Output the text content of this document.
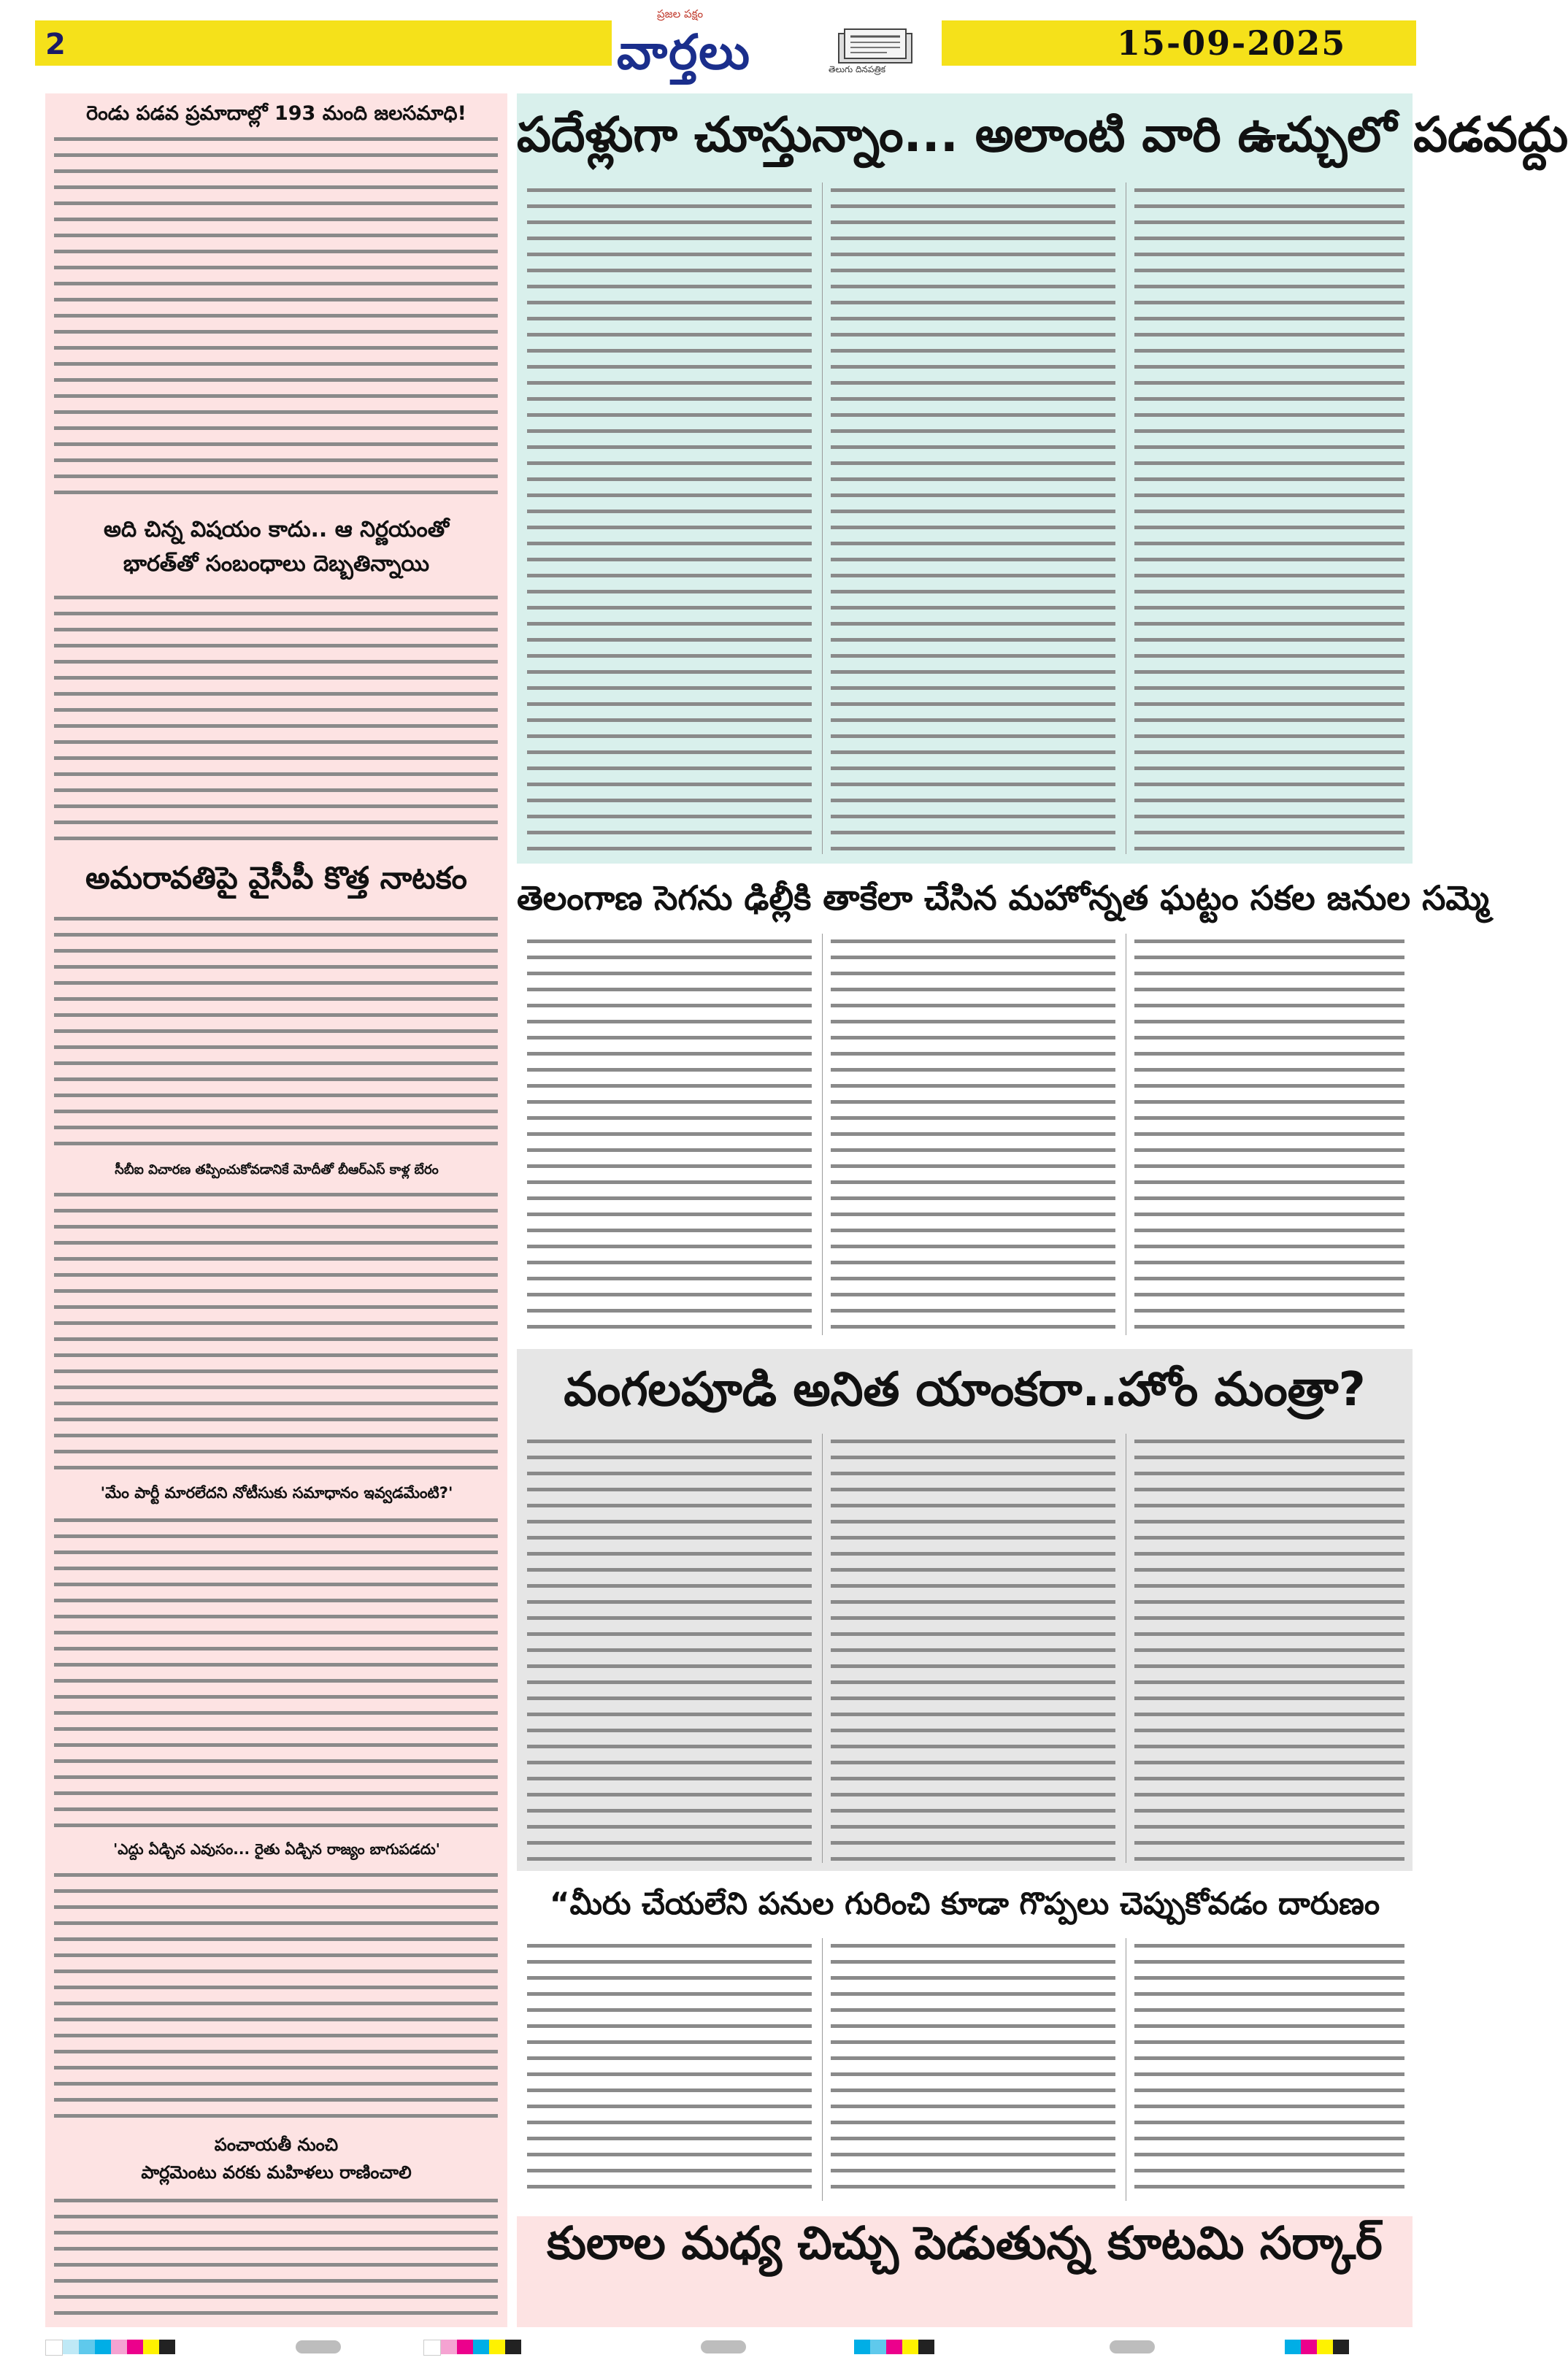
2
ప్రజల పక్షం
వార్తలు	తెలుగు దినపత్రిక
15-09-2025
రెండు పడవ ప్రమాదాల్లో 193 మంది జలసమాధి!
అది చిన్న విషయం కాదు.. ఆ నిర్ణయంతో
భారత్‌తో సంబంధాలు దెబ్బతిన్నాయి
అమరావతిపై వైసీపీ కొత్త నాటకం
సీబీఐ విచారణ తప్పించుకోవడానికే మోదీతో బీఆర్ఎస్ కాళ్ల బేరం
'మేం పార్టీ మారలేదని నోటీసుకు సమాధానం ఇవ్వడమేంటి?'
'ఎద్దు ఏడ్చిన ఎవుసం... రైతు ఏడ్చిన రాజ్యం బాగుపడదు'
పంచాయతీ నుంచి
పార్లమెంటు వరకు మహిళలు రాణించాలి
పదేళ్లుగా చూస్తున్నాం... అలాంటి వారి ఉచ్చులో పడవద్దు
తెలంగాణ సెగను ఢిల్లీకి తాకేలా చేసిన మహోన్నత ఘట్టం సకల జనుల సమ్మె
వంగలపూడి అనిత యాంకరా..హోం మంత్రా?
“మీరు చేయలేని పనుల గురించి కూడా గొప్పలు చెప్పుకోవడం దారుణం
కులాల మధ్య చిచ్చు పెడుతున్న కూటమి సర్కార్
